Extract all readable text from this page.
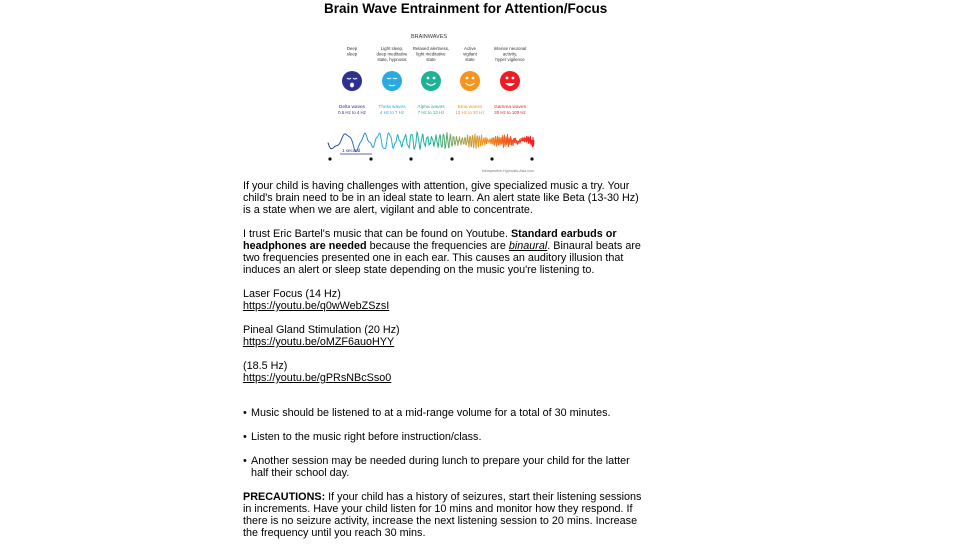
Brain Wave Entrainment for Attention/Focus
BRAINWAVES
Deep
sleep
Delta waves
0.5 Hz to 4 Hz
Light sleep,
deep meditative
state, hypnosis
Theta waves
4 Hz to 7 Hz
Relaxed alertness,
light meditative
state
Alpha waves
7 Hz to 13 Hz
Active
vigilant
state
Beta waves
13 Hz to 30 Hz
Intense neuronal
activity,
hyper vigilence
Gamma waves
30 Hz to 100 Hz
1 second
Introspective-Hypnosis-Asia.com

If your child is having challenges with attention, give specialized music a try. Your child's brain need to be in an ideal state to learn. An alert state like Beta (13-30 Hz) is a state when we are alert, vigilant and able to concentrate.

I trust Eric Bartel's music that can be found on Youtube. Standard earbuds or headphones are needed because the frequencies are binaural. Binaural beats are two frequencies presented one in each ear. This causes an auditory illusion that induces an alert or sleep state depending on the music you're listening to.

Laser Focus (14 Hz)

https://youtu.be/q0wWebZSzsI

Pineal Gland Stimulation (20 Hz)

https://youtu.be/oMZF6auoHYY

(18.5 Hz)

https://youtu.be/gPRsNBcSso0

• Music should be listened to at a mid-range volume for a total of 30 minutes.

• Listen to the music right before instruction/class.

• Another session may be needed during lunch to prepare your child for the latter half their school day.

PRECAUTIONS: If your child has a history of seizures, start their listening sessions in increments. Have your child listen for 10 mins and monitor how they respond. If there is no seizure activity, increase the next listening session to 20 mins. Increase the frequency until you reach 30 mins.
